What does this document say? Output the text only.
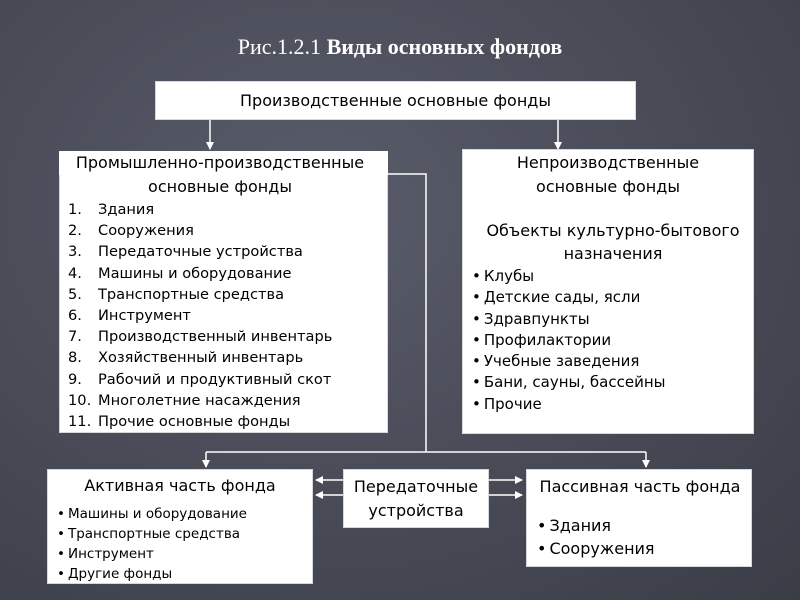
Рис.1.2.1 Виды основных фондов
Производственные основные фонды
Промышленно-производственные
основные фонды
1. Здания
2. Сооружения
3. Передаточные устройства
4. Машины и оборудование
5. Транспортные средства
6. Инструмент
7. Производственный инвентарь
8. Хозяйственный инвентарь
9. Рабочий и продуктивный скот
10. Многолетние насаждения
11. Прочие основные фонды
Непроизводственные
основные фонды
Объекты культурно-бытового
назначения
• Клубы
• Детские сады, ясли
• Здравпункты
• Профилактории
• Учебные заведения
• Бани, сауны, бассейны
• Прочие
Активная часть фонда
• Машины и оборудование
• Транспортные средства
• Инструмент
• Другие фонды
Передаточные
устройства
Пассивная часть фонда
• Здания
• Сооружения
